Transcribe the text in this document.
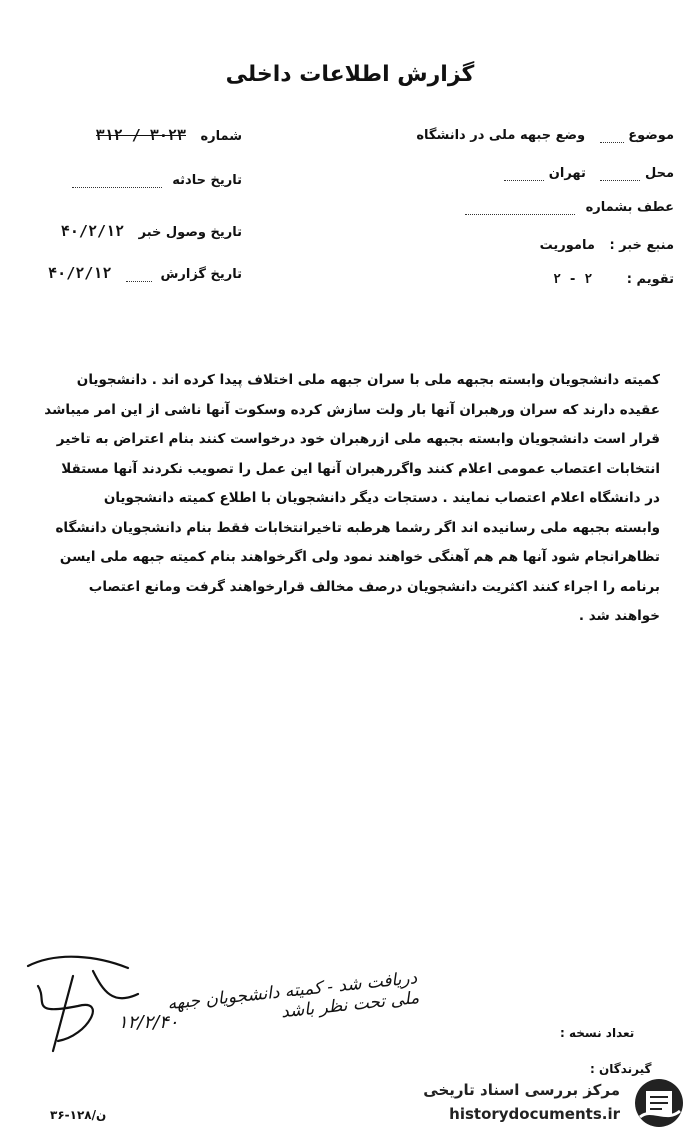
گزارش اطلاعات داخلی
موضوع  وضع جبهه ملی در دانشگاه
محل  تهران
عطف بشماره
منبع خبر : ماموریت
تقویم : ۲ - ۲
شماره ۳۱۲ / ۳۰۲۳
تاریخ حادثه
تاریخ وصول خبر ۴۰/۲/۱۲
تاریخ گزارش  ۴۰/۲/۱۲

کمیته دانشجویان وابسته بجبهه ملی با سران جبهه ملی اختلاف پیدا کرده اند . دانشجویان

عقیده دارند که سران ورهبران آنها بار ولت سازش کرده وسکوت آنها ناشی از این امر میباشد

قرار است دانشجویان وابسته بجبهه ملی ازرهبران خود درخواست کنند بنام اعتراض به تاخیر

انتخابات اعتصاب عمومی اعلام کنند واگررهبران آنها این عمل را تصویب نکردند آنها مستقلا

در دانشگاه اعلام اعتصاب نمایند . دستجات دیگر دانشجویان با اطلاع کمیته دانشجویان

وابسته بجبهه ملی رسانیده اند اگر رشما هرطبه تاخیرانتخابات فقط بنام دانشجویان دانشگاه

تظاهرانجام شود آنها هم هم آهنگی خواهند نمود ولی اگرخواهند بنام کمیته جبهه ملی ایسن

برنامه را اجراء کنند اکثریت دانشجویان درصف مخالف قرارخواهند گرفت ومانع اعتصاب

خواهند شد .

دریافت شد - کمیته دانشجویان جبهه ملی تحت نظر باشد
۱۲/۲/۴۰	تعداد نسخه :
گیرندگان :
۳۶-۱۲۸/ن
مرکز بررسی اسناد تاریخی
historydocuments.ir
